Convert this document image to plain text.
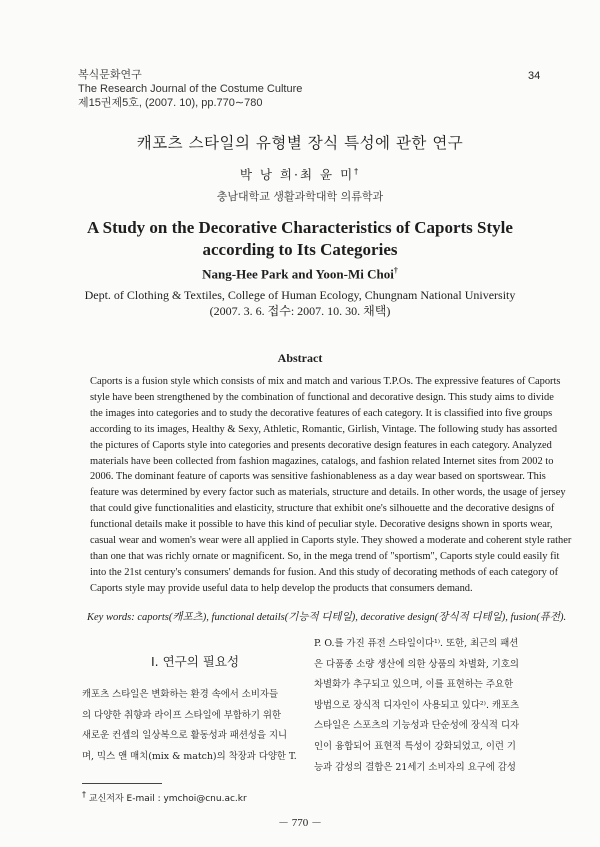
복식문화연구
The Research Journal of the Costume Culture
제15권제5호, (2007. 10), pp.770∼780
34
캐포츠 스타일의 유형별 장식 특성에 관한 연구
박 낭 희·최 윤 미†
충남대학교 생활과학대학 의류학과
A Study on the Decorative Characteristics of Caports Style
according to Its Categories
Nang-Hee Park and Yoon-Mi Choi†
Dept. of Clothing & Textiles, College of Human Ecology, Chungnam National University
(2007. 3. 6. 접수: 2007. 10. 30. 채택)
Abstract
Caports is a fusion style which consists of mix and match and various T.P.Os. The expressive features of Caports
style have been strengthened by the combination of functional and decorative design. This study aims to divide
the images into categories and to study the decorative features of each category. It is classified into five groups
according to its images, Healthy & Sexy, Athletic, Romantic, Girlish, Vintage. The following study has assorted
the pictures of Caports style into categories and presents decorative design features in each category. Analyzed
materials have been collected from fashion magazines, catalogs, and fashion related Internet sites from 2002 to
2006. The dominant feature of caports was sensitive fashionableness as a day wear based on sportswear. This
feature was determined by every factor such as materials, structure and details. In other words, the usage of jersey
that could give functionalities and elasticity, structure that exhibit one's silhouette and the decorative designs of
functional details make it possible to have this kind of peculiar style. Decorative designs shown in sports wear,
casual wear and women's wear were all applied in Caports style. They showed a moderate and coherent style rather
than one that was richly ornate or magnificent. So, in the mega trend of "sportism", Caports style could easily fit
into the 21st century's consumers' demands for fusion. And this study of decorating methods of each category of
Caports style may provide useful data to help develop the products that consumers demand.
Key words: caports(캐포츠), functional details(기능적 디테일), decorative design(장식적 디테일), fusion(퓨전).
Ⅰ. 연구의 필요성
캐포츠 스타일은 변화하는 환경 속에서 소비자들
의 다양한 취향과 라이프 스타일에 부합하기 위한
새로운 컨셉의 일상복으로 활동성과 패션성을 지니
며, 믹스 앤 매치(mix & match)의 착장과 다양한 T.
P. O.를 가진 퓨전 스타일이다¹⁾. 또한, 최근의 패션
은 다품종 소량 생산에 의한 상품의 차별화, 기호의
차별화가 추구되고 있으며, 이를 표현하는 주요한
방법으로 장식적 디자인이 사용되고 있다²⁾. 캐포츠
스타일은 스포츠의 기능성과 단순성에 장식적 디자
인이 융합되어 표현적 특성이 강화되었고, 이런 기
능과 감성의 결합은 21세기 소비자의 요구에 감성
† 교신저자 E-mail : ymchoi@cnu.ac.kr
－ 770 －
